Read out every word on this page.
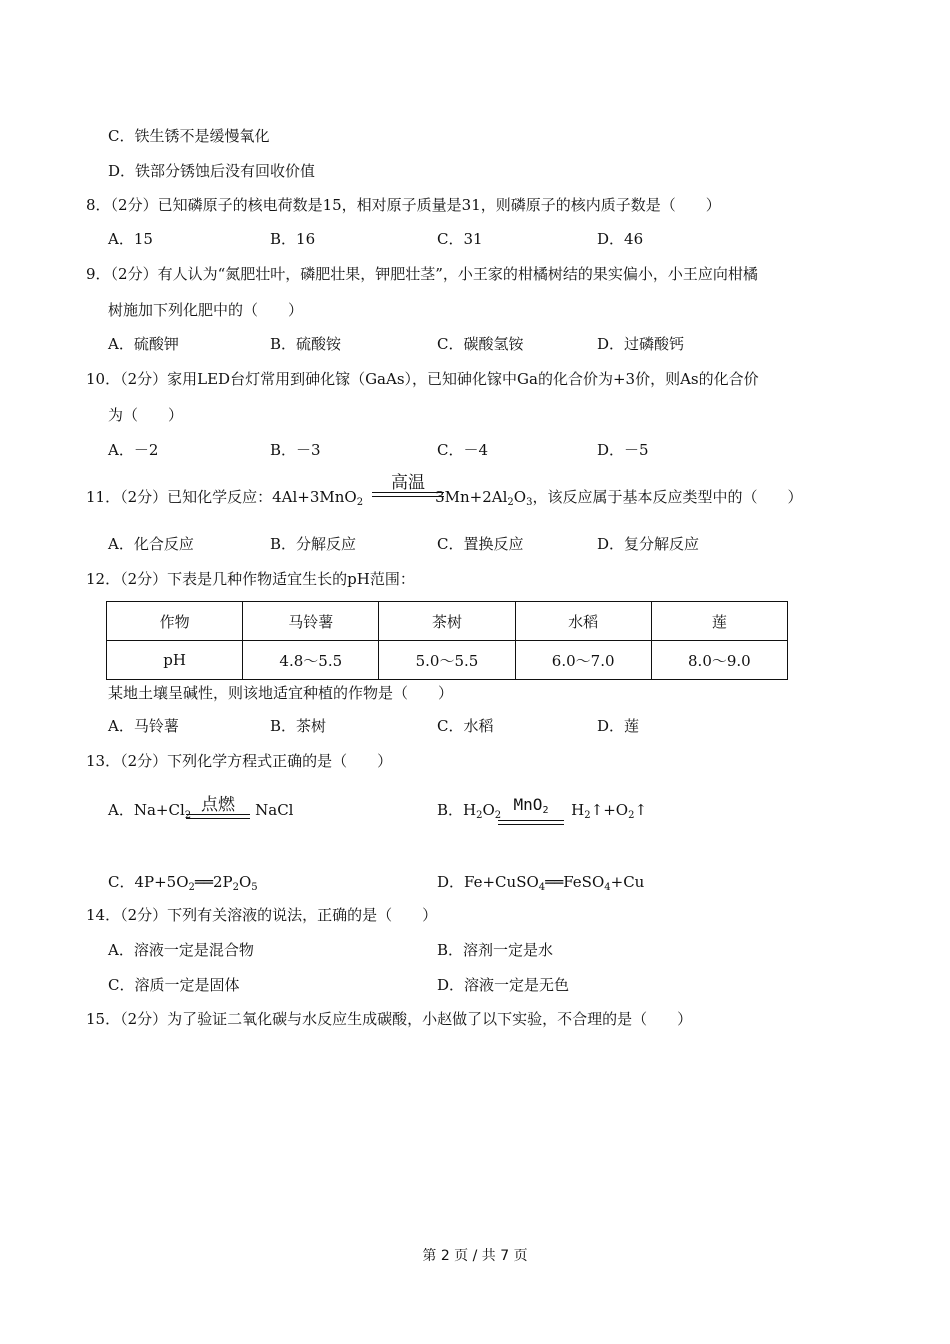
C．铁生锈不是缓慢氧化
D．铁部分锈蚀后没有回收价值
8．（2分）已知磷原子的核电荷数是15，相对原子质量是31，则磷原子的核内质子数是（　　）
A．15	B．16	C．31	D．46
9．（2分）有人认为“氮肥壮叶，磷肥壮果，钾肥壮茎”，小王家的柑橘树结的果实偏小，小王应向柑橘
树施加下列化肥中的（　　）
A．硫酸钾	B．硫酸铵	C．碳酸氢铵	D．过磷酸钙
10．（2分）家用LED台灯常用到砷化镓（GaAs），已知砷化镓中Ga的化合价为+3价，则As的化合价
为（　　）
A．－2	B．－3	C．－4	D．－5
11．（2分）已知化学反应：4Al+3MnO$_2$	$3Mn+2Al_2O_3$，该反应属于基本反应类型中的（　　）
高温
A．化合反应	B．分解反应	C．置换反应	D．复分解反应
12．（2分）下表是几种作物适宜生长的pH范围：
作物	马铃薯	茶树	水稻	莲
pH	4.8～5.5	5.0～5.5	6.0～7.0	8.0～9.0
某地土壤呈碱性，则该地适宜种植的作物是（　　）
A．马铃薯	B．茶树	C．水稻	D．莲
13．（2分）下列化学方程式正确的是（　　）
A．$Na+Cl_2$	NaCl
点燃	B．$H_2O_2$	$H_2↑+O_2↑$
MnO$_2$
C．$4P+5O_2══2P_2O_5$	D．Fe+CuSO$_4$══FeSO$_4$+Cu
14．（2分）下列有关溶液的说法，正确的是（　　）
A．溶液一定是混合物	B．溶剂一定是水
C．溶质一定是固体	D．溶液一定是无色
15．（2分）为了验证二氧化碳与水反应生成碳酸，小赵做了以下实验，不合理的是（　　）
第 2 页 / 共 7 页
